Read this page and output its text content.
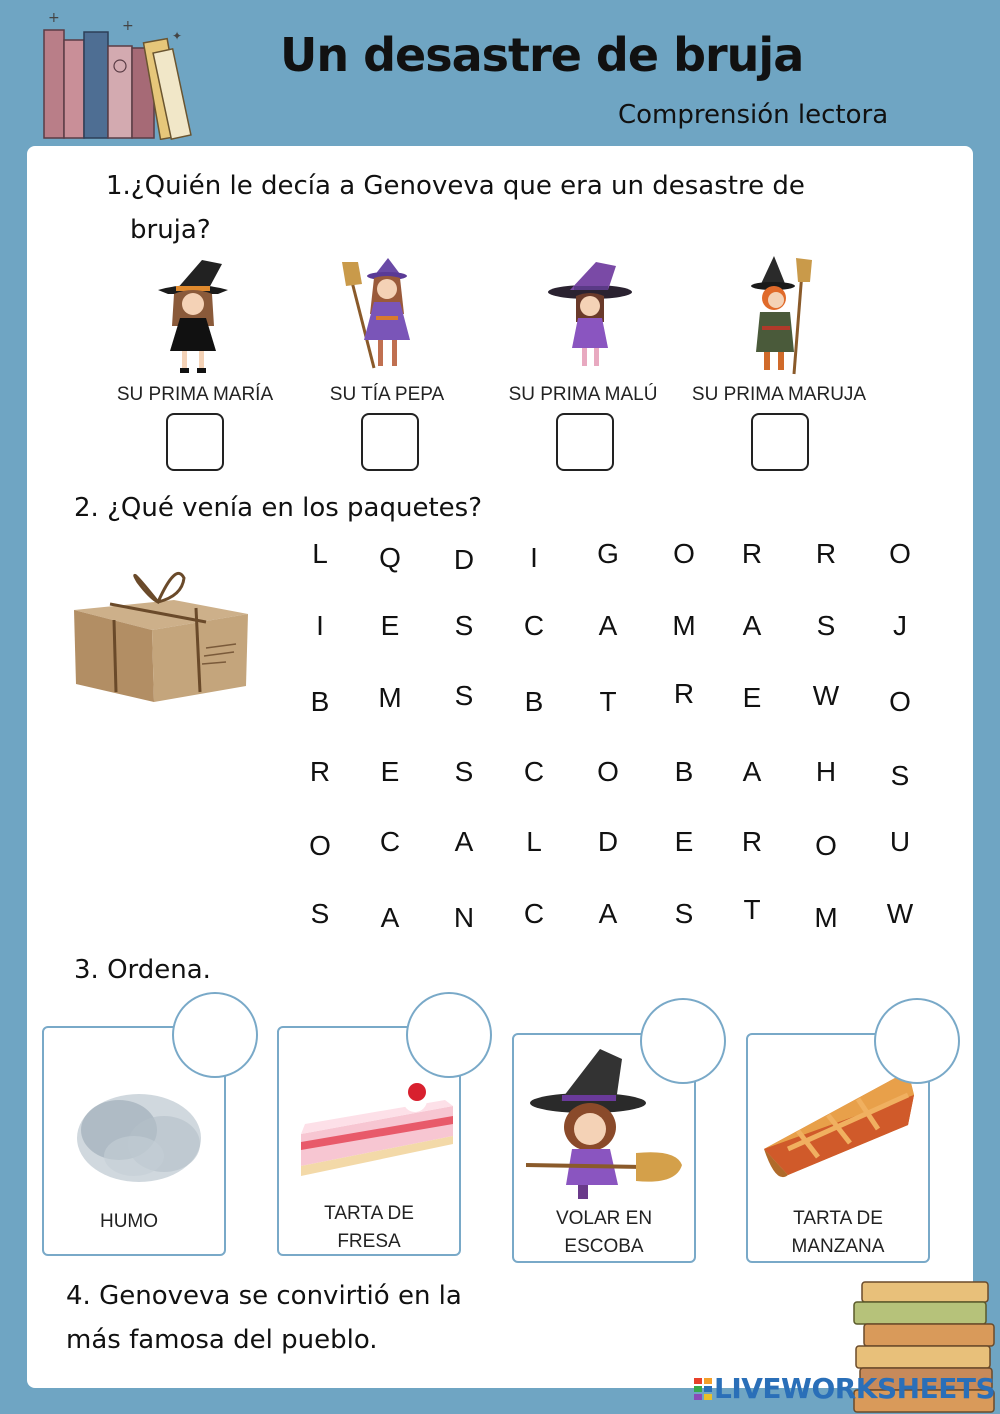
+	+
✦ Un desastre de bruja
Comprensión lectora
1.¿Quién le decía a Genoveva que era un desastre de
bruja?
SU PRIMA MARÍA	SU TÍA PEPA	SU PRIMA MALÚ	SU PRIMA MARUJA
2. ¿Qué venía en los paquetes?
L	Q	D	I	G	O	R	R	O
I	E	S	C	A	M	A	S	J
B	M	S	B	T	R	E	W	O
R	E	S	C	O	B	A	H	S
O	C	A	L	D	E	R	O	U
S	A	N	C	A	S	T	M	W
3. Ordena.
HUMO	TARTA DE
FRESA
VOLAR EN
ESCOBA
TARTA DE
MANZANA
4. Genoveva se convirtió en la
más famosa del pueblo.
LIVEWORKSHEETS
